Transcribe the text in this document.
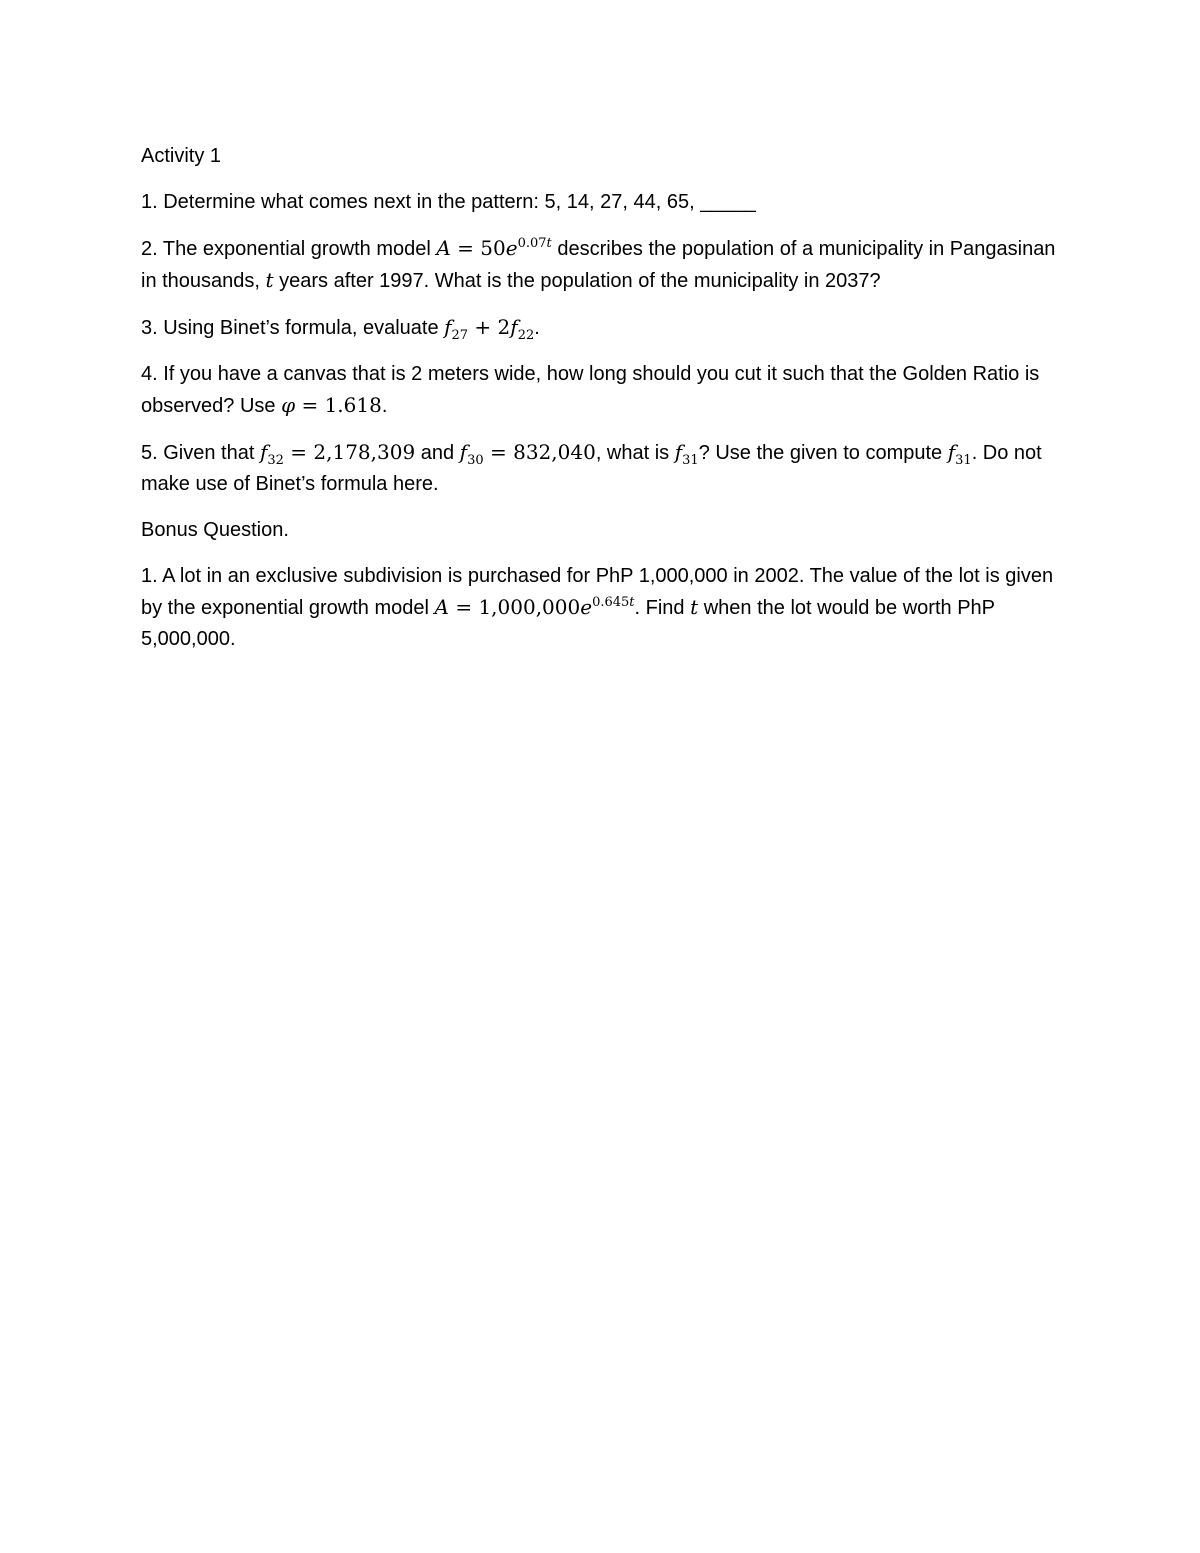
Activity 1

1. Determine what comes next in the pattern: 5, 14, 27, 44, 65, _____

2. The exponential growth model $A = 50e^{0.07t}$ describes the population of a municipality in Pangasinan in thousands, t years after 1997. What is the population of the municipality in 2037?

3. Using Binet’s formula, evaluate $f_{27} + 2f_{22}$.

4. If you have a canvas that is 2 meters wide, how long should you cut it such that the Golden Ratio is observed? Use φ = 1.618.

5. Given that $f_{32} = 2,178,309$ and $f_{30} = 832,040$, what is $f_{31}$? Use the given to compute $f_{31}$. Do not make use of Binet’s formula here.

Bonus Question.

1. A lot in an exclusive subdivision is purchased for PhP 1,000,000 in 2002. The value of the lot is given by the exponential growth model $A = 1,000,000e^{0.645t}$. Find t when the lot would be worth PhP 5,000,000.
